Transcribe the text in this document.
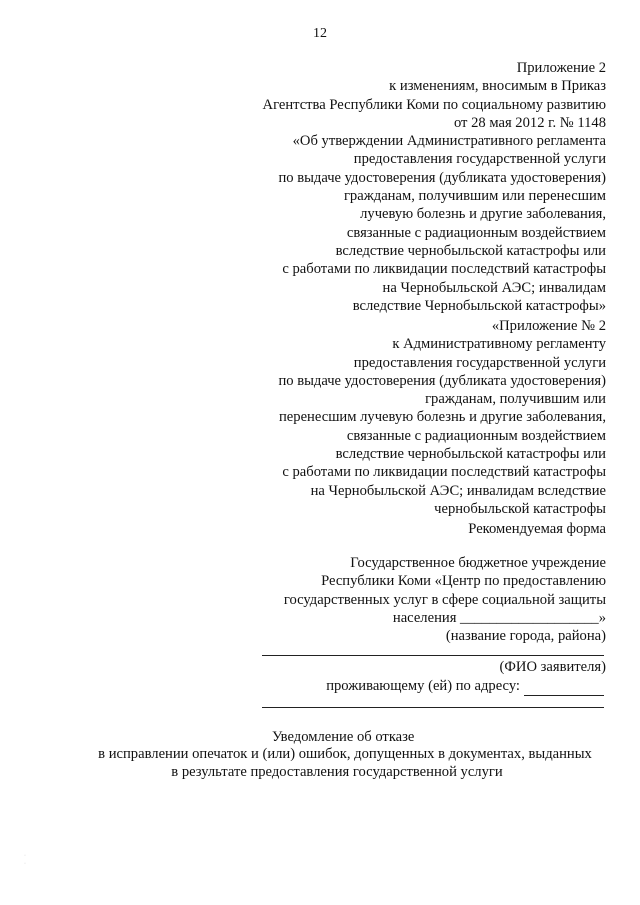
12
Приложение 2
к изменениям, вносимым в Приказ
Агентства Республики Коми по социальному развитию
от 28 мая 2012 г. № 1148
«Об утверждении Административного регламента
предоставления государственной услуги
по выдаче удостоверения (дубликата удостоверения)
гражданам, получившим или перенесшим
лучевую болезнь и другие заболевания,
связанные с радиационным воздействием
вследствие чернобыльской катастрофы или
с работами по ликвидации последствий катастрофы
на Чернобыльской АЭС; инвалидам
вследствие Чернобыльской катастрофы»
«Приложение № 2
к Административному регламенту
предоставления государственной услуги
по выдаче удостоверения (дубликата удостоверения)
гражданам, получившим или
перенесшим лучевую болезнь и другие заболевания,
связанные с радиационным воздействием
вследствие чернобыльской катастрофы или
с работами по ликвидации последствий катастрофы
на Чернобыльской АЭС; инвалидам вследствие
чернобыльской катастрофы
Рекомендуемая форма
Государственное бюджетное учреждение
Республики Коми «Центр по предоставлению
государственных услуг в сфере социальной защиты
населения ___________________»
(название города, района)
(ФИО заявителя)
проживающему (ей) по адресу:
Уведомление об отказе
в исправлении опечаток и (или) ошибок, допущенных в документах, выданных
в результате предоставления государственной услуги
·
·
